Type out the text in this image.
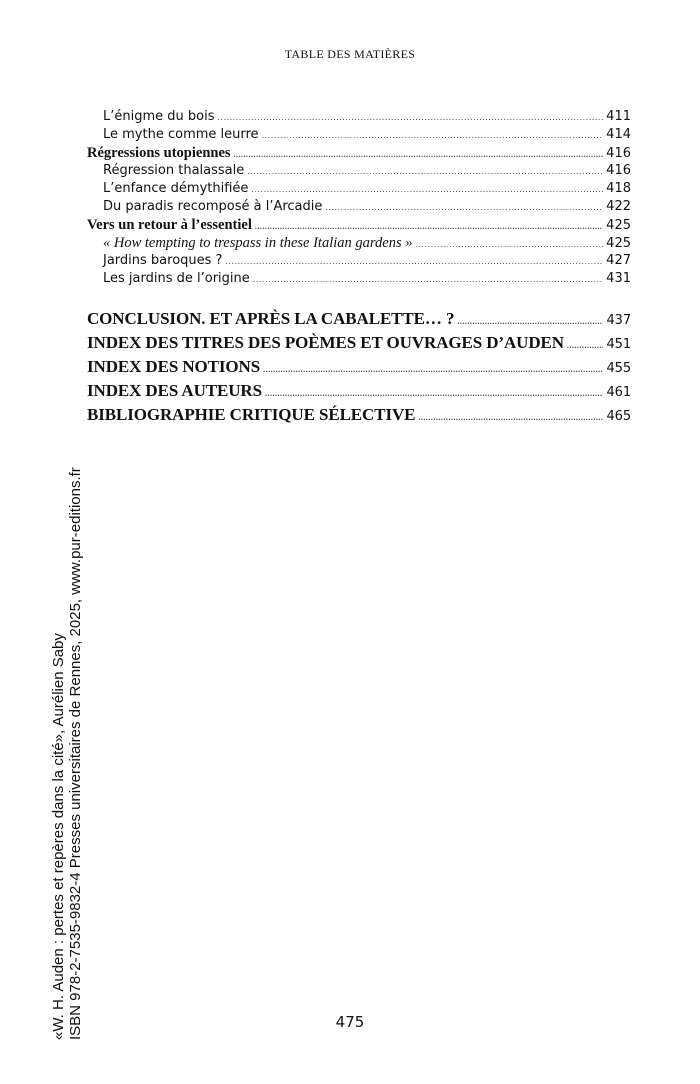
TABLE DES MATIÈRES
L’énigme du bois .....	411
Le mythe comme leurre .....	414
Régressions utopiennes .....	416
Régression thalassale .....	416
L’enfance démythifiée .....	418
Du paradis recomposé à l’Arcadie .....	422
Vers un retour à l’essentiel .....	425
« How tempting to trespass in these Italian gardens » .....	425
Jardins baroques ? .....	427
Les jardins de l’origine .....	431
CONCLUSION. ET APRÈS LA CABALETTE… ? .....	437
INDEX DES TITRES DES POÈMES ET OUVRAGES D’AUDEN .....	451
INDEX DES NOTIONS .....	455
INDEX DES AUTEURS .....	461
BIBLIOGRAPHIE CRITIQUE SÉLECTIVE .....	465
«W. H. Auden : pertes et repères dans la cité», Aurélien Saby ISBN 978-2-7535-9832-4 Presses universitaires de Rennes, 2025, www.pur-editions.fr	475
